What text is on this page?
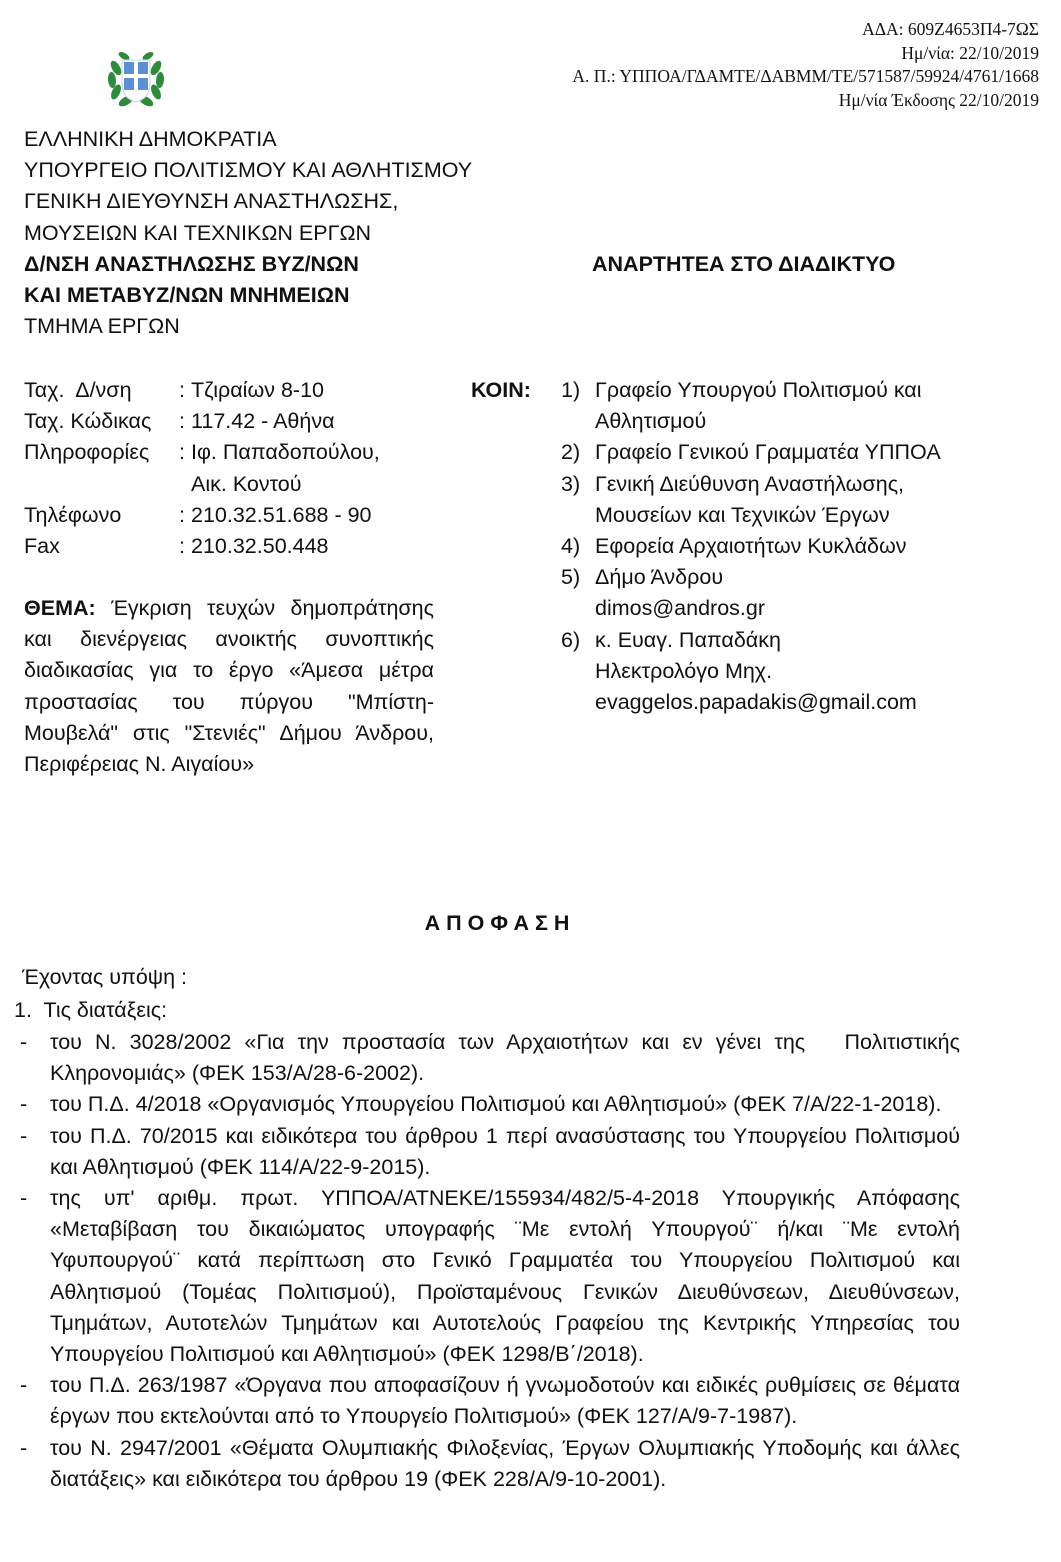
ΑΔΑ: 609Ζ4653Π4-7ΩΣ
Ημ/νία: 22/10/2019
Α. Π.: ΥΠΠΟΑ/ΓΔΑΜΤΕ/ΔΑΒΜΜ/ΤΕ/571587/59924/4761/1668
Ημ/νία Έκδοσης 22/10/2019
ΕΛΛΗΝΙΚΗ ΔΗΜΟΚΡΑΤΙΑ
ΥΠΟΥΡΓΕΙΟ ΠΟΛΙΤΙΣΜΟΥ ΚΑΙ ΑΘΛΗΤΙΣΜΟΥ
ΓΕΝΙΚΗ ΔΙΕΥΘΥΝΣΗ ΑΝΑΣΤΗΛΩΣΗΣ,
ΜΟΥΣΕΙΩΝ ΚΑΙ ΤΕΧΝΙΚΩΝ ΕΡΓΩΝ
Δ/ΝΣΗ ΑΝΑΣΤΗΛΩΣΗΣ ΒΥΖ/ΝΩΝ
ΚΑΙ ΜΕΤΑΒΥΖ/ΝΩΝ ΜΝΗΜΕΙΩΝ
ΤΜΗΜΑ ΕΡΓΩΝ
ΑΝΑΡΤΗΤΕΑ ΣΤΟ ΔΙΑΔΙΚΤΥΟ
Ταχ.  Δ/νση	: Τζιραίων 8-10
Ταχ. Κώδικας	: 117.42 - Αθήνα
Πληροφορίες	: Ιφ. Παπαδοπούλου,
Αικ. Κοντού
Τηλέφωνο	: 210.32.51.688 - 90
Fax	: 210.32.50.448
ΚΟΙΝ: 1) Γραφείο Υπουργού Πολιτισμού και
Αθλητισμού
2) Γραφείο Γενικού Γραμματέα ΥΠΠΟΑ
3) Γενική Διεύθυνση Αναστήλωσης,
Μουσείων και Τεχνικών Έργων
4) Εφορεία Αρχαιοτήτων Κυκλάδων
5) Δήμο Άνδρου
dimos@andros.gr
6) κ. Ευαγ. Παπαδάκη
Ηλεκτρολόγο Μηχ.
evaggelos.papadakis@gmail.com
ΘΕΜΑ: Έγκριση τευχών δημοπράτησης και διενέργειας ανοικτής συνοπτικής διαδικασίας για το έργο «Άμεσα μέτρα προστασίας του πύργου "Μπίστη-Μουβελά" στις "Στενιές" Δήμου Άνδρου, Περιφέρειας Ν. Αιγαίου»
ΑΠΟΦΑΣΗ
Έχοντας υπόψη :
1.  Τις διατάξεις:
-	του Ν. 3028/2002 «Για την προστασία των Αρχαιοτήτων και εν γένει της   Πολιτιστικής Κληρονομιάς» (ΦΕΚ 153/Α/28-6-2002).
-	του Π.Δ. 4/2018 «Οργανισμός Υπουργείου Πολιτισμού και Αθλητισμού» (ΦΕΚ 7/Α/22-1-2018).
-	του Π.Δ. 70/2015 και ειδικότερα του άρθρου 1 περί ανασύστασης του Υπουργείου Πολιτισμού και Αθλητισμού (ΦΕΚ 114/Α/22-9-2015).
-	της υπ' αριθμ. πρωτ. ΥΠΠΟΑ/ΑΤΝΕΚΕ/155934/482/5-4-2018 Υπουργικής Απόφασης «Μεταβίβαση του δικαιώματος υπογραφής ¨Με εντολή Υπουργού¨ ή/και ¨Με εντολή Υφυπουργού¨ κατά περίπτωση στο Γενικό Γραμματέα του Υπουργείου Πολιτισμού και Αθλητισμού (Τομέας Πολιτισμού), Προϊσταμένους Γενικών Διευθύνσεων, Διευθύνσεων, Τμημάτων, Αυτοτελών Τμημάτων και Αυτοτελούς Γραφείου της Κεντρικής Υπηρεσίας του Υπουργείου Πολιτισμού και Αθλητισμού» (ΦΕΚ 1298/Β΄/2018).
-	του Π.Δ. 263/1987 «Όργανα που αποφασίζουν ή γνωμοδοτούν και ειδικές ρυθμίσεις σε θέματα έργων που εκτελούνται από το Υπουργείο Πολιτισμού» (ΦΕΚ 127/Α/9-7-1987).
-	του Ν. 2947/2001 «Θέματα Ολυμπιακής Φιλοξενίας, Έργων Ολυμπιακής Υποδομής και άλλες διατάξεις» και ειδικότερα του άρθρου 19 (ΦΕΚ 228/Α/9-10-2001).
